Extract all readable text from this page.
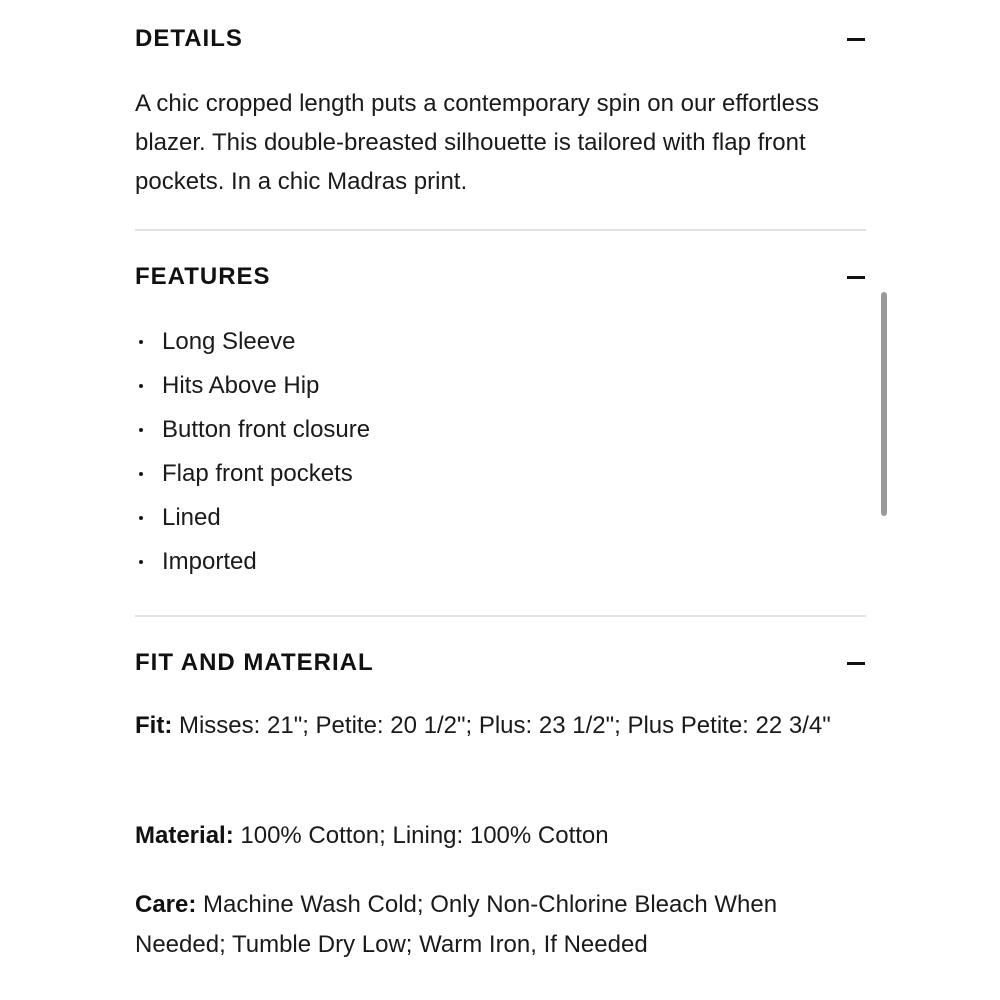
DETAILS

A chic cropped length puts a contemporary spin on our effortless blazer. This double-breasted silhouette is tailored with flap front pockets. In a chic Madras print.

FEATURES
Long Sleeve
Hits Above Hip
Button front closure
Flap front pockets
Lined
Imported
FIT AND MATERIAL

Fit: Misses: 21"; Petite: 20 1/2"; Plus: 23 1/2"; Plus Petite: 22 3/4"

Material: 100% Cotton; Lining: 100% Cotton

Care: Machine Wash Cold; Only Non-Chlorine Bleach When Needed; Tumble Dry Low; Warm Iron, If Needed
